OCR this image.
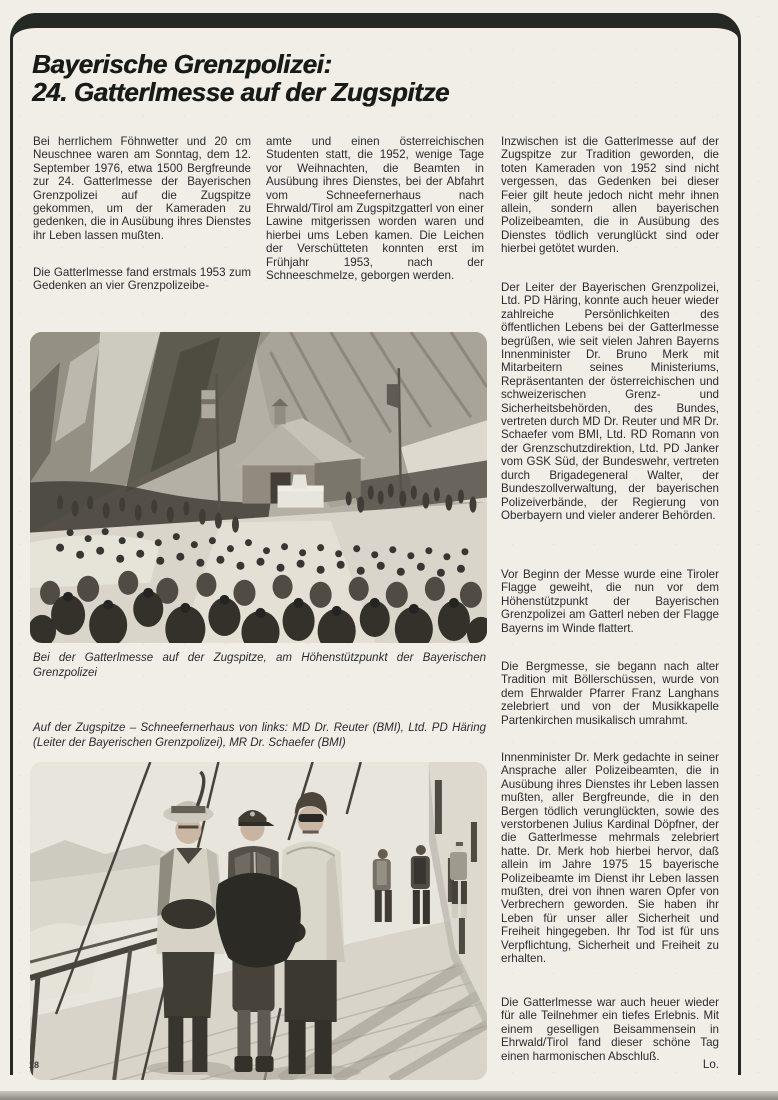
Bayerische Grenzpolizei:
24. Gatterlmesse auf der Zugspitze
Bei herrlichem Föhnwetter und 20 cm Neuschnee waren am Sonntag, dem 12. September 1976, etwa 1500 Bergfreunde zur 24. Gatterlmesse der Bayerischen Grenzpolizei auf die Zugspitze gekommen, um der Kameraden zu gedenken, die in Ausübung ihres Dienstes ihr Leben lassen mußten.
Die Gatterlmesse fand erstmals 1953 zum Gedenken an vier Grenzpolizeibe-
amte und einen österreichischen Studenten statt, die 1952, wenige Tage vor Weihnachten, die Beamten in Ausübung ihres Dienstes, bei der Abfahrt vom Schneefernerhaus nach Ehrwald/Tirol am Zugspitzgatterl von einer Lawine mitgerissen worden waren und hierbei ums Leben kamen. Die Leichen der Verschütteten konnten erst im Frühjahr 1953, nach der Schneeschmelze, geborgen werden.
Inzwischen ist die Gatterlmesse auf der Zugspitze zur Tradition geworden, die toten Kameraden von 1952 sind nicht vergessen, das Gedenken bei dieser Feier gilt heute jedoch nicht mehr ihnen allein, sondern allen bayerischen Polizeibeamten, die in Ausübung des Dienstes tödlich verunglückt sind oder hierbei getötet wurden.
Der Leiter der Bayerischen Grenzpolizei, Ltd. PD Häring, konnte auch heuer wieder zahlreiche Persönlichkeiten des öffentlichen Lebens bei der Gatterlmesse begrüßen, wie seit vielen Jahren Bayerns Innenminister Dr. Bruno Merk mit Mitarbeitern seines Ministeriums, Repräsentanten der österreichischen und schweizerischen Grenz- und Sicherheitsbehörden, des Bundes, vertreten durch MD Dr. Reuter und MR Dr. Schaefer vom BMI, Ltd. RD Romann von der Grenzschutzdirektion, Ltd. PD Janker vom GSK Süd, der Bundeswehr, vertreten durch Brigadegeneral Walter, der Bundeszollverwaltung, der bayerischen Polizeiverbände, der Regierung von Oberbayern und vieler anderer Behörden.
Vor Beginn der Messe wurde eine Tiroler Flagge geweiht, die nun vor dem Höhenstützpunkt der Bayerischen Grenzpolizei am Gatterl neben der Flagge Bayerns im Winde flattert.
Die Bergmesse, sie begann nach alter Tradition mit Böllerschüssen, wurde von dem Ehrwalder Pfarrer Franz Langhans zelebriert und von der Musikkapelle Partenkirchen musikalisch umrahmt.
Innenminister Dr. Merk gedachte in seiner Ansprache aller Polizeibeamten, die in Ausübung ihres Dienstes ihr Leben lassen mußten, aller Bergfreunde, die in den Bergen tödlich verunglückten, sowie des verstorbenen Julius Kardinal Döpfner, der die Gatterlmesse mehrmals zelebriert hatte. Dr. Merk hob hierbei hervor, daß allein im Jahre 1975 15 bayerische Polizeibeamte im Dienst ihr Leben lassen mußten, drei von ihnen waren Opfer von Verbrechern geworden. Sie haben ihr Leben für unser aller Sicherheit und Freiheit hingegeben. Ihr Tod ist für uns Verpflichtung, Sicherheit und Freiheit zu erhalten.
Die Gatterlmesse war auch heuer wieder für alle Teilnehmer ein tiefes Erlebnis. Mit einem geselligen Beisammensein in Ehrwald/Tirol fand dieser schöne Tag einen harmonischen Abschluß.
Lo.
Bei der Gatterlmesse auf der Zugspitze, am Höhenstützpunkt der Bayerischen Grenzpolizei
Auf der Zugspitze – Schneefernerhaus von links: MD Dr. Reuter (BMI), Ltd. PD Häring (Leiter der Bayerischen Grenzpolizei), MR Dr. Schaefer (BMI)
18
